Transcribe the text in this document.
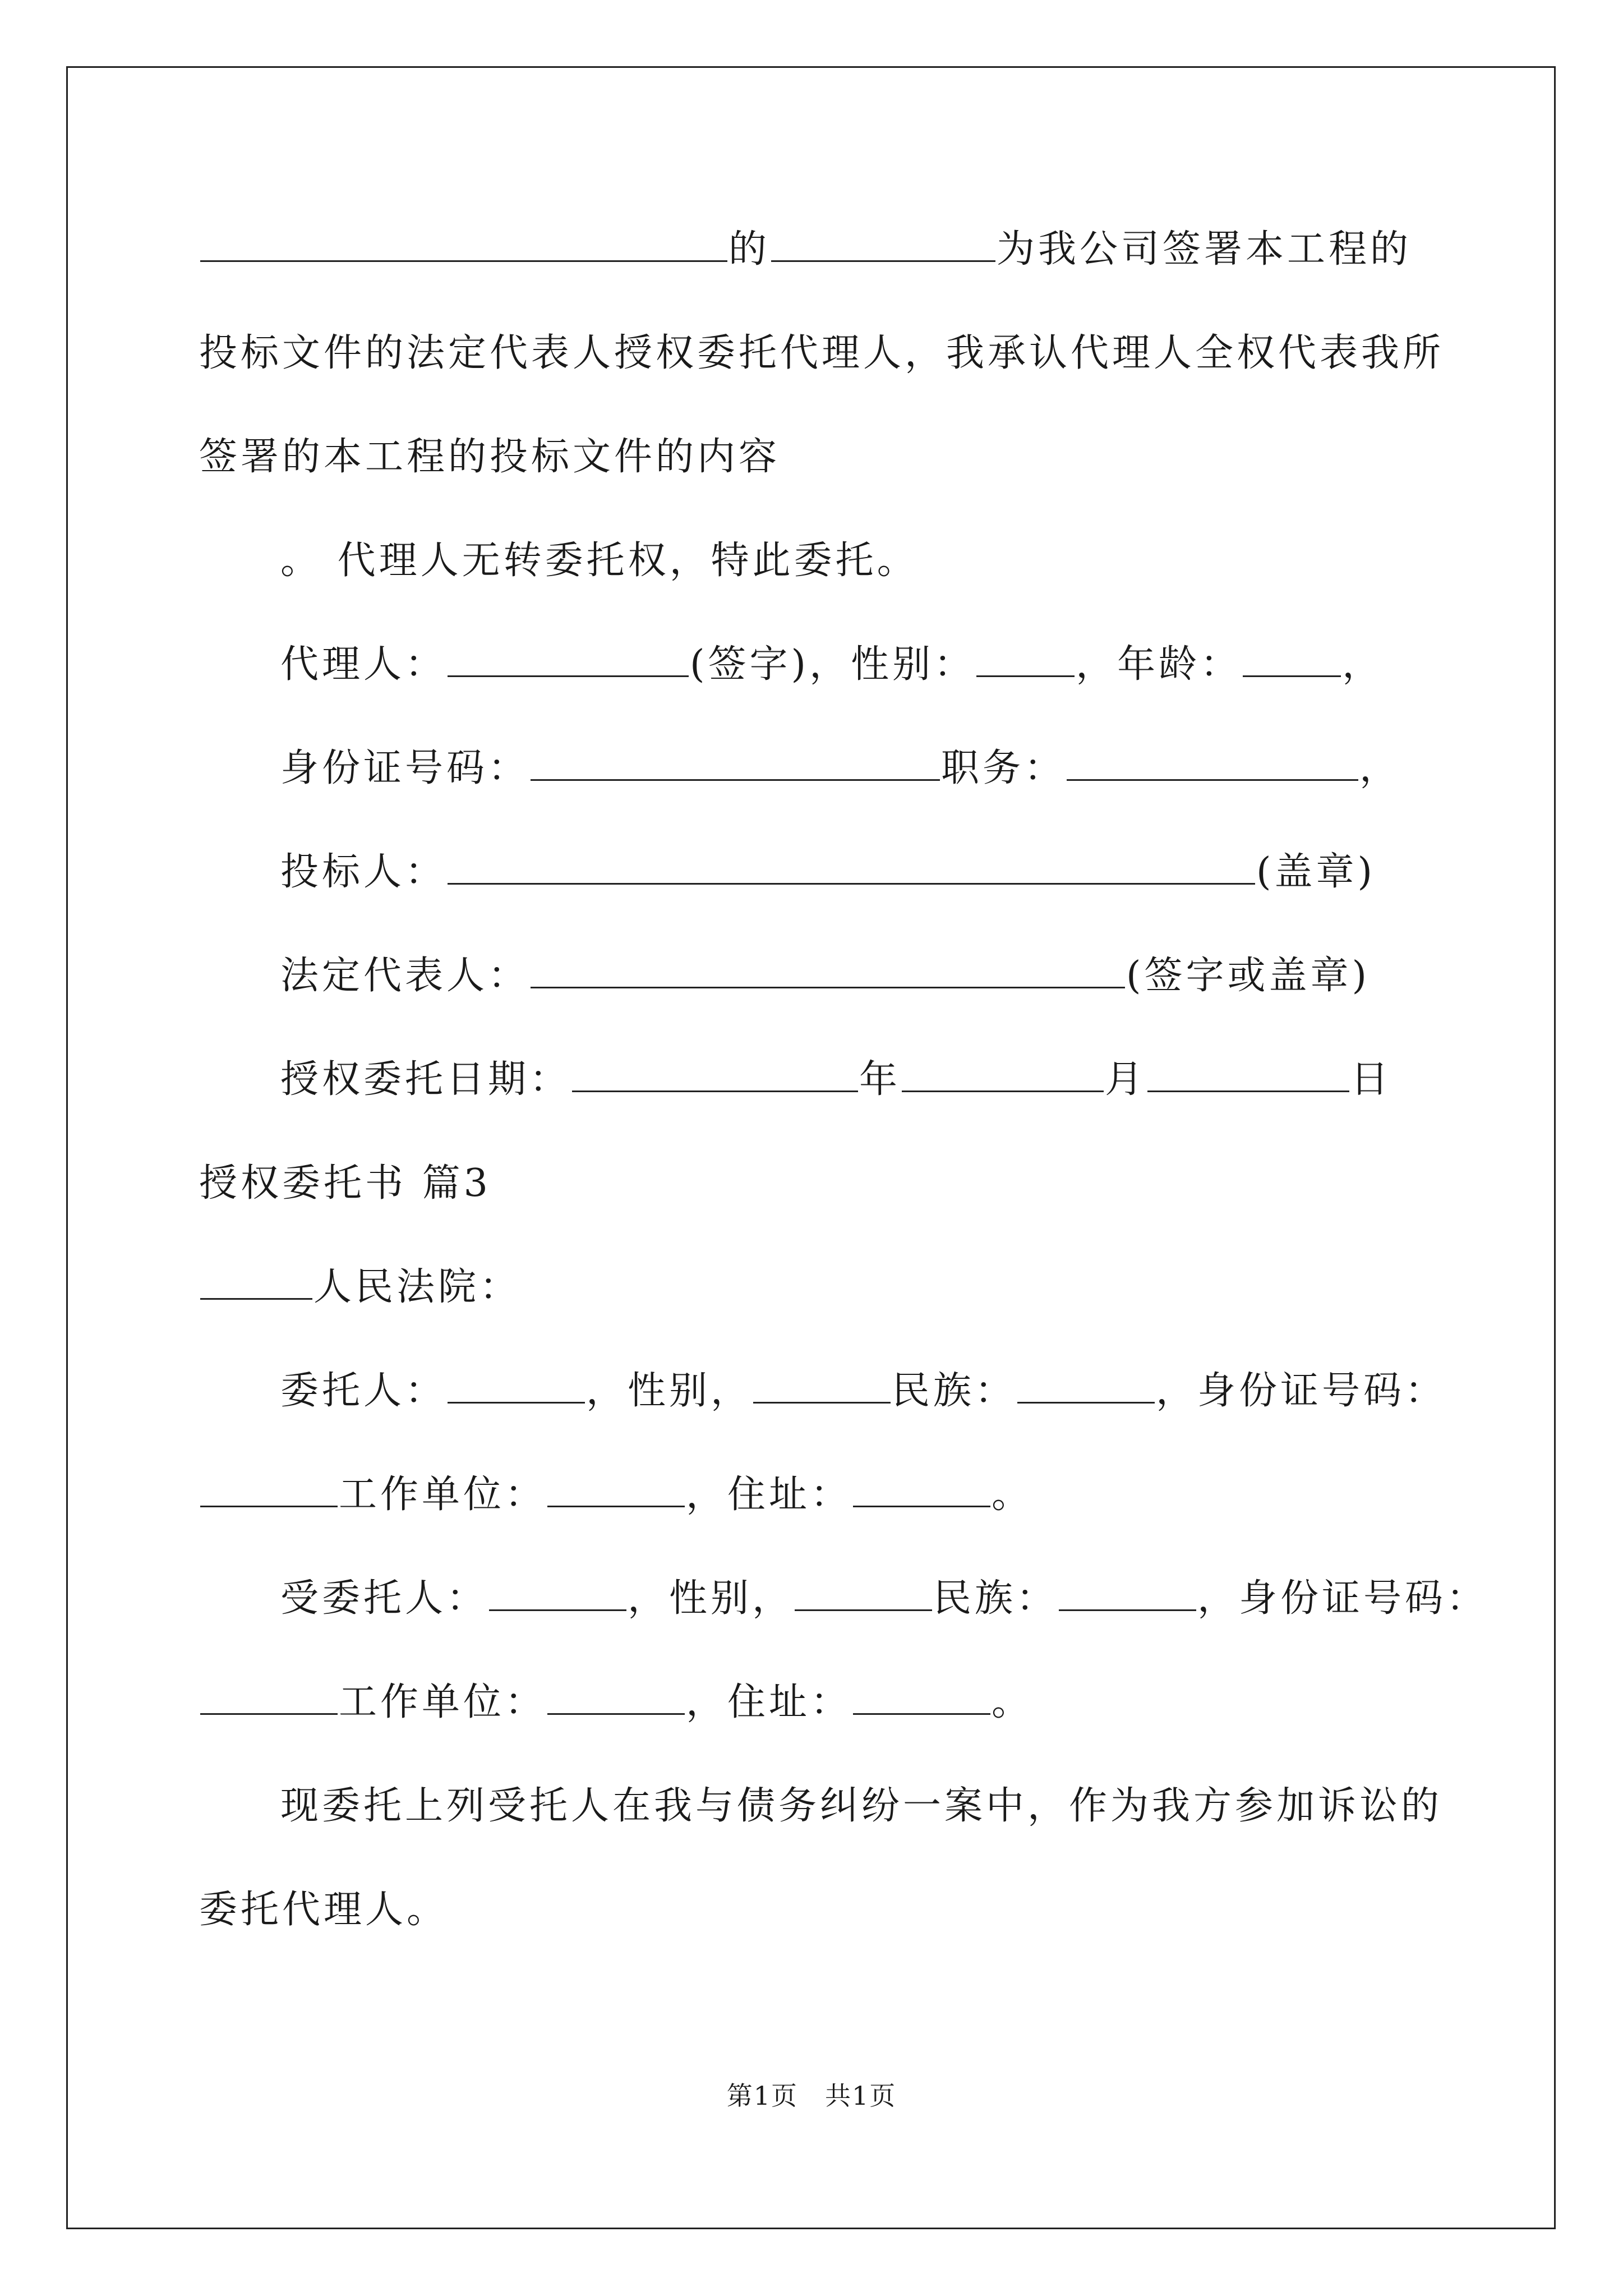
的	为我公司签署本工程的
投标文件的法定代表人授权委托代理人，我承认代理人全权代表我所
签署的本工程的投标文件的内容
。 代理人无转委托权，特此委托。
代理人：	(签字)，性别：	，年龄：	，
身份证号码：	职务：	，
投标人：	(盖章)
法定代表人：	(签字或盖章)
授权委托日期：	年	月	日
授权委托书 篇3
人民法院：
委托人：	，性别，	民族：	，身份证号码：
工作单位：	，住址：	。
受委托人：	，性别，	民族：	，身份证号码：
工作单位：	，住址：	。
现委托上列受托人在我与债务纠纷一案中，作为我方参加诉讼的
委托代理人。
第1页　共1页
